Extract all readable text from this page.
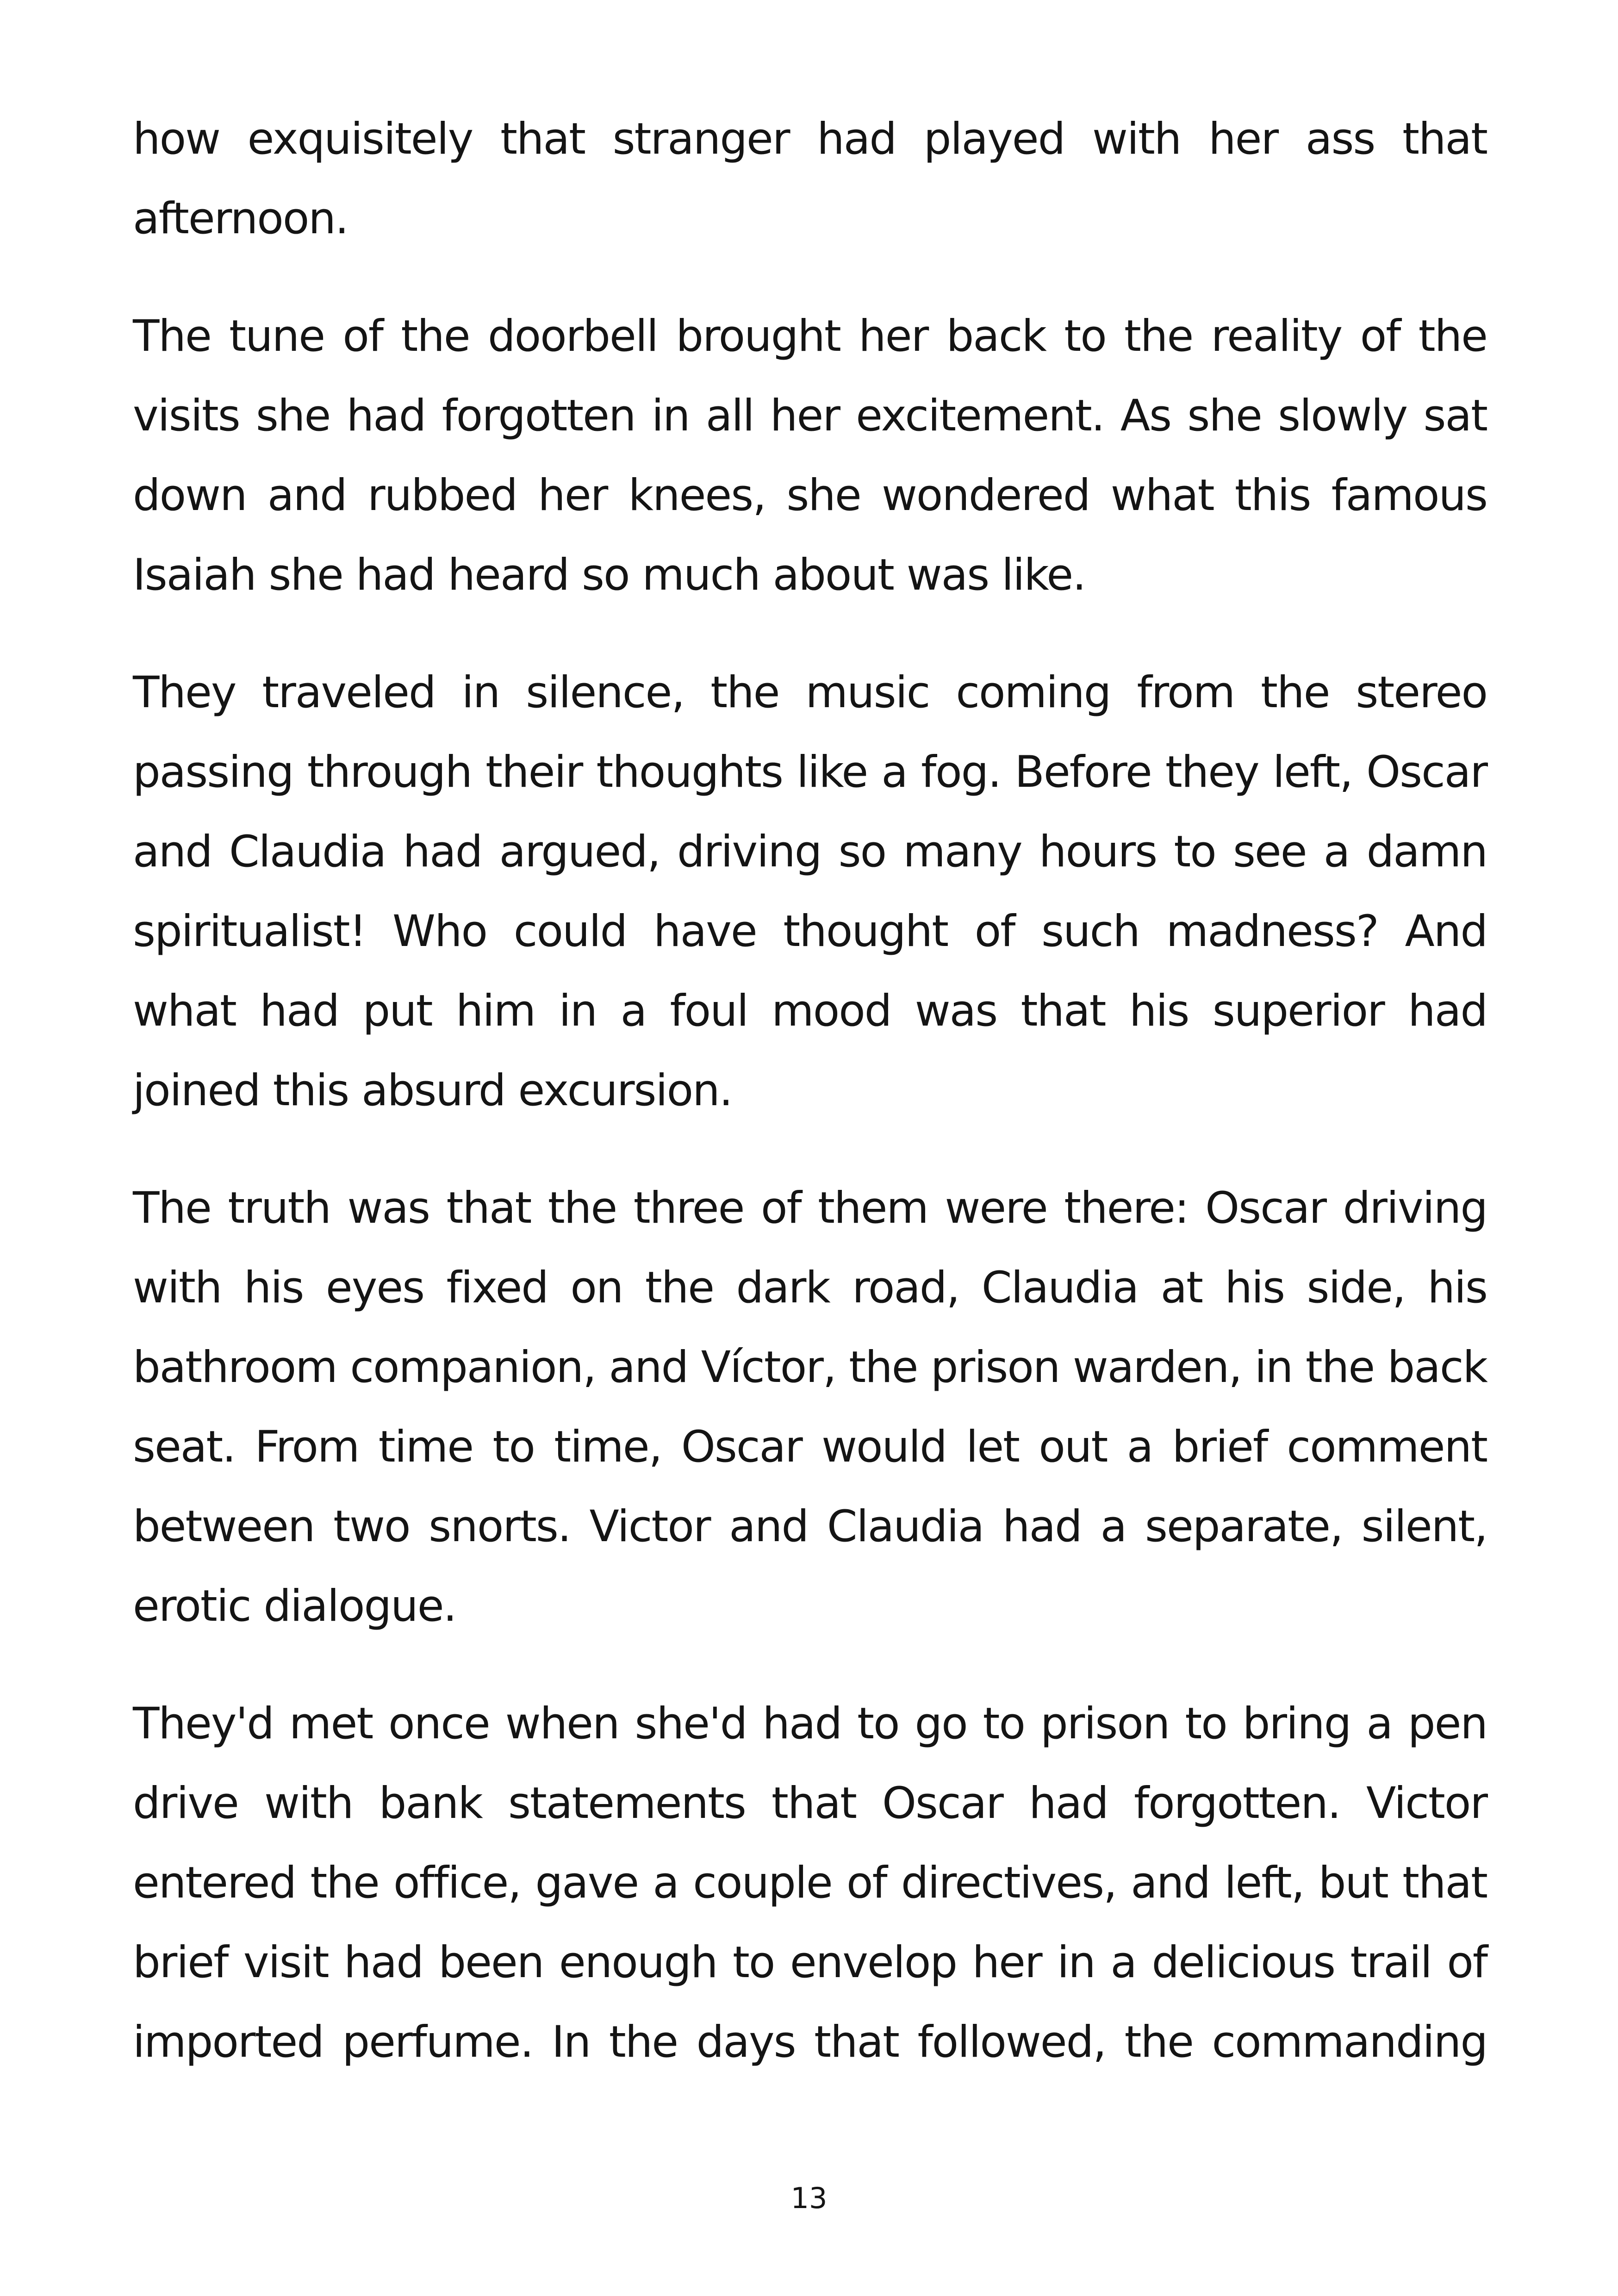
how exquisitely that stranger had played with her ass that afternoon.

The tune of the doorbell brought her back to the reality of the visits she had forgotten in all her excitement. As she slowly sat down and rubbed her knees, she wondered what this famous Isaiah she had heard so much about was like.

They traveled in silence, the music coming from the stereo passing through their thoughts like a fog. Before they left, Oscar and Claudia had argued, driving so many hours to see a damn spiritualist! Who could have thought of such madness? And what had put him in a foul mood was that his superior had joined this absurd excursion.

The truth was that the three of them were there: Oscar driving with his eyes fixed on the dark road, Claudia at his side, his bathroom companion, and Víctor, the prison warden, in the back seat. From time to time, Oscar would let out a brief comment between two snorts. Victor and Claudia had a separate, silent, erotic dialogue.

They'd met once when she'd had to go to prison to bring a pen drive with bank statements that Oscar had forgotten. Victor entered the office, gave a couple of directives, and left, but that brief visit had been enough to envelop her in a delicious trail of imported perfume. In the days that followed, the commanding

13
